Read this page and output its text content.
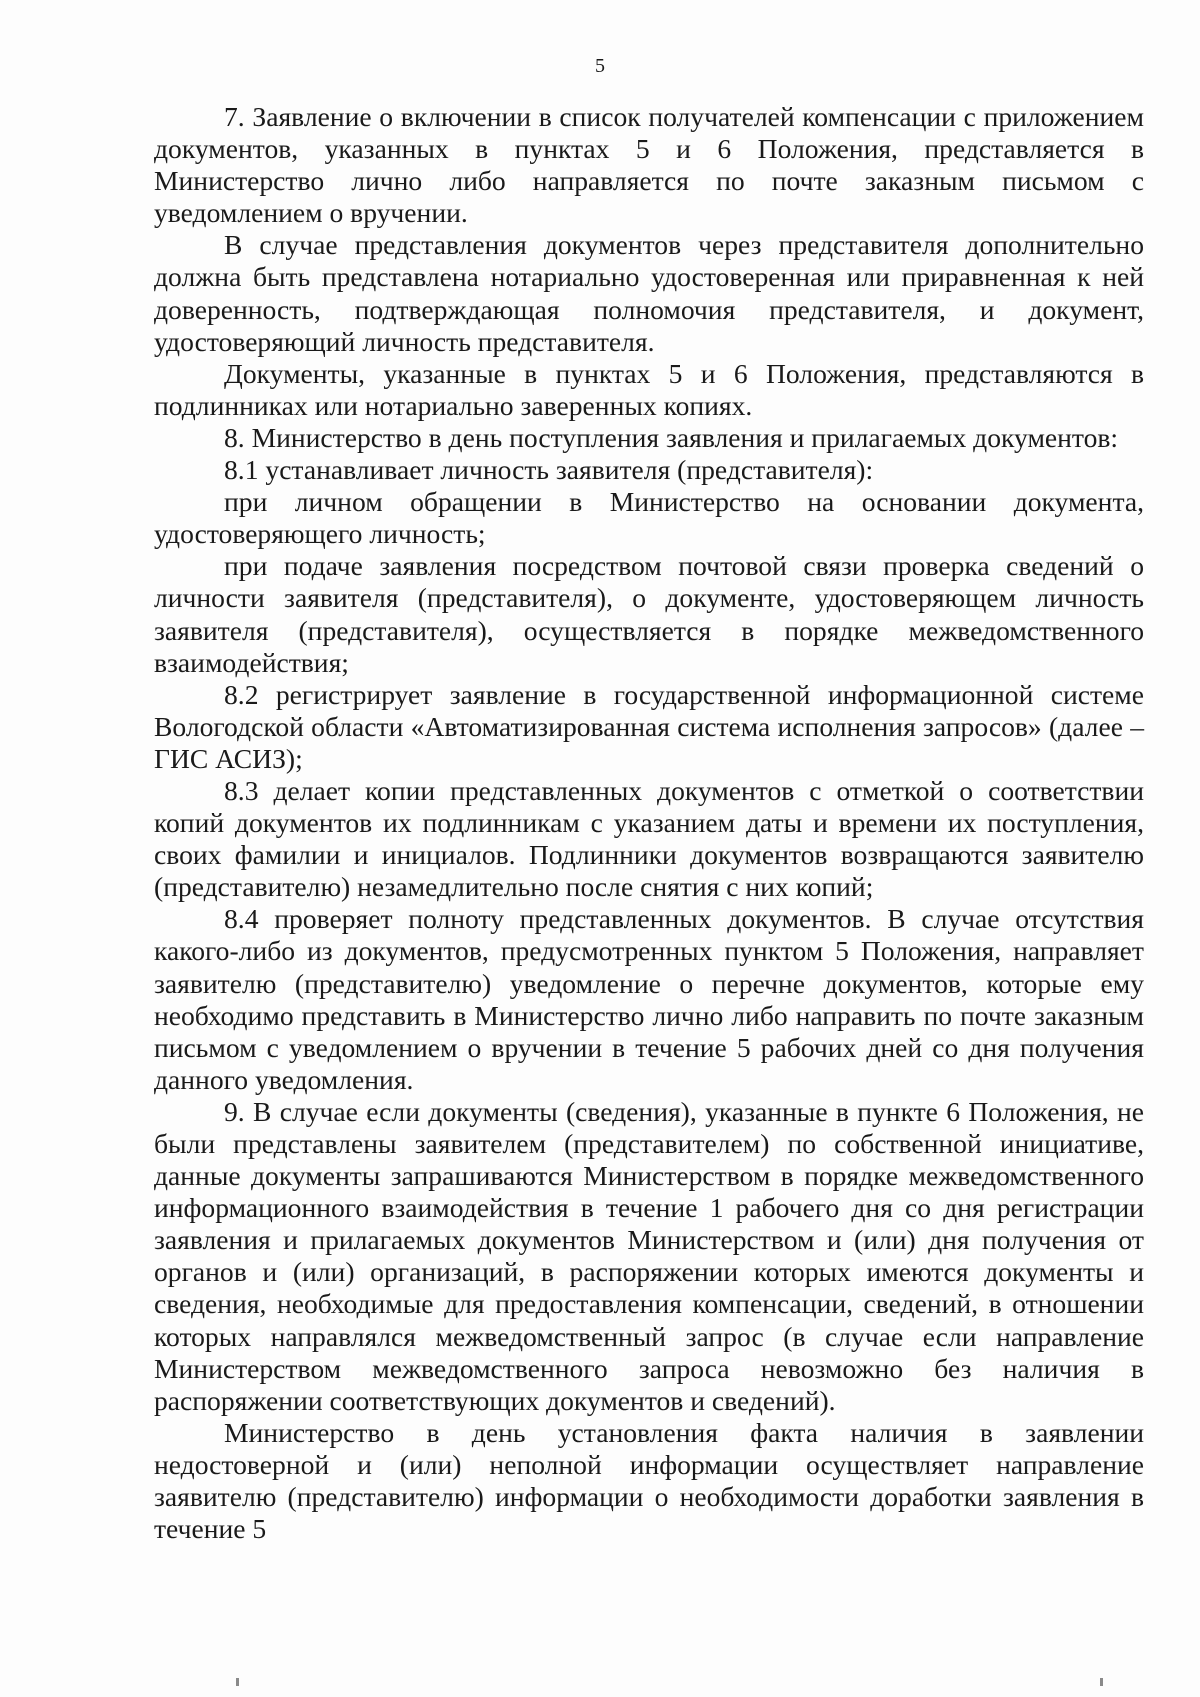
5

7. Заявление о включении в список получателей компенсации с приложением документов, указанных в пунктах 5 и 6 Положения, представляется в Министерство лично либо направляется по почте заказным письмом с уведомлением о вручении.

В случае представления документов через представителя дополнительно должна быть представлена нотариально удостоверенная или приравненная к ней доверенность, подтверждающая полномочия представителя, и документ, удостоверяющий личность представителя.

Документы, указанные в пунктах 5 и 6 Положения, представляются в подлинниках или нотариально заверенных копиях.

8. Министерство в день поступления заявления и прилагаемых документов:

8.1 устанавливает личность заявителя (представителя):

при личном обращении в Министерство на основании документа, удостоверяющего личность;

при подаче заявления посредством почтовой связи проверка сведений о личности заявителя (представителя), о документе, удостоверяющем личность заявителя (представителя), осуществляется в порядке межведомственного взаимодействия;

8.2 регистрирует заявление в государственной информационной системе Вологодской области «Автоматизированная система исполнения запросов» (далее – ГИС АСИЗ);

8.3 делает копии представленных документов с отметкой о соответствии копий документов их подлинникам с указанием даты и времени их поступления, своих фамилии и инициалов. Подлинники документов возвращаются заявителю (представителю) незамедлительно после снятия с них копий;

8.4 проверяет полноту представленных документов. В случае отсутствия какого-либо из документов, предусмотренных пунктом 5 Положения, направляет заявителю (представителю) уведомление о перечне документов, которые ему необходимо представить в Министерство лично либо направить по почте заказным письмом с уведомлением о вручении в течение 5 рабочих дней со дня получения данного уведомления.

9. В случае если документы (сведения), указанные в пункте 6 Положения, не были представлены заявителем (представителем) по собственной инициативе, данные документы запрашиваются Министерством в порядке межведомственного информационного взаимодействия в течение 1 рабочего дня со дня регистрации заявления и прилагаемых документов Министерством и (или) дня получения от органов и (или) организаций, в распоряжении которых имеются документы и сведения, необходимые для предоставления компенсации, сведений, в отношении которых направлялся межведомственный запрос (в случае если направление Министерством межведомственного запроса невозможно без наличия в распоряжении соответствующих документов и сведений).

Министерство в день установления факта наличия в заявлении недостоверной и (или) неполной информации осуществляет направление заявителю (представителю) информации о необходимости доработки заявления в течение 5
